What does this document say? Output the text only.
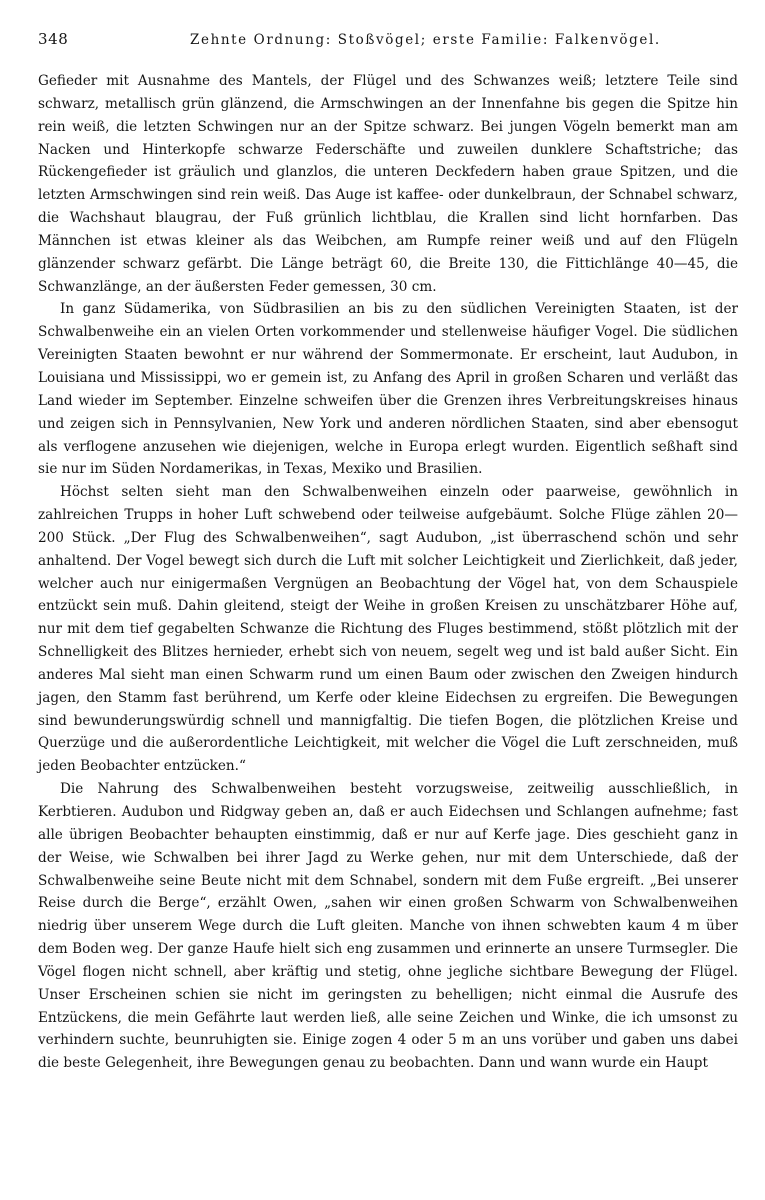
348	Zehnte Ordnung: Stoßvögel; erste Familie: Falkenvögel.

Gefieder mit Ausnahme des Mantels, der Flügel und des Schwanzes weiß; letztere Teile sind schwarz, metallisch grün glänzend, die Armschwingen an der Innenfahne bis gegen die Spitze hin rein weiß, die letzten Schwingen nur an der Spitze schwarz. Bei jungen Vögeln bemerkt man am Nacken und Hinterkopfe schwarze Federschäfte und zuweilen dunklere Schaftstriche; das Rückengefieder ist gräulich und glanzlos, die unteren Deckfedern haben graue Spitzen, und die letzten Armschwingen sind rein weiß. Das Auge ist kaffee- oder dunkelbraun, der Schnabel schwarz, die Wachshaut blaugrau, der Fuß grünlich lichtblau, die Krallen sind licht hornfarben. Das Männchen ist etwas kleiner als das Weibchen, am Rumpfe reiner weiß und auf den Flügeln glänzender schwarz gefärbt. Die Länge beträgt 60, die Breite 130, die Fittichlänge 40—45, die Schwanzlänge, an der äußersten Feder gemessen, 30 cm.

In ganz Südamerika, von Südbrasilien an bis zu den südlichen Vereinigten Staaten, ist der Schwalbenweihe ein an vielen Orten vorkommender und stellenweise häufiger Vogel. Die südlichen Vereinigten Staaten bewohnt er nur während der Sommermonate. Er erscheint, laut Audubon, in Louisiana und Mississippi, wo er gemein ist, zu Anfang des April in großen Scharen und verläßt das Land wieder im September. Einzelne schweifen über die Grenzen ihres Verbreitungskreises hinaus und zeigen sich in Pennsylvanien, New York und anderen nördlichen Staaten, sind aber ebensogut als verflogene anzusehen wie diejenigen, welche in Europa erlegt wurden. Eigentlich seßhaft sind sie nur im Süden Nordamerikas, in Texas, Mexiko und Brasilien.

Höchst selten sieht man den Schwalbenweihen einzeln oder paarweise, gewöhnlich in zahlreichen Trupps in hoher Luft schwebend oder teilweise aufgebäumt. Solche Flüge zählen 20—200 Stück. „Der Flug des Schwalbenweihen“, sagt Audubon, „ist überraschend schön und sehr anhaltend. Der Vogel bewegt sich durch die Luft mit solcher Leichtigkeit und Zierlichkeit, daß jeder, welcher auch nur einigermaßen Vergnügen an Beobachtung der Vögel hat, von dem Schauspiele entzückt sein muß. Dahin gleitend, steigt der Weihe in großen Kreisen zu unschätzbarer Höhe auf, nur mit dem tief gegabelten Schwanze die Richtung des Fluges bestimmend, stößt plötzlich mit der Schnelligkeit des Blitzes hernieder, erhebt sich von neuem, segelt weg und ist bald außer Sicht. Ein anderes Mal sieht man einen Schwarm rund um einen Baum oder zwischen den Zweigen hindurch jagen, den Stamm fast berührend, um Kerfe oder kleine Eidechsen zu ergreifen. Die Bewegungen sind bewunderungswürdig schnell und mannigfaltig. Die tiefen Bogen, die plötzlichen Kreise und Querzüge und die außerordentliche Leichtigkeit, mit welcher die Vögel die Luft zerschneiden, muß jeden Beobachter entzücken.“

Die Nahrung des Schwalbenweihen besteht vorzugsweise, zeitweilig ausschließlich, in Kerbtieren. Audubon und Ridgway geben an, daß er auch Eidechsen und Schlangen aufnehme; fast alle übrigen Beobachter behaupten einstimmig, daß er nur auf Kerfe jage. Dies geschieht ganz in der Weise, wie Schwalben bei ihrer Jagd zu Werke gehen, nur mit dem Unterschiede, daß der Schwalbenweihe seine Beute nicht mit dem Schnabel, sondern mit dem Fuße ergreift. „Bei unserer Reise durch die Berge“, erzählt Owen, „sahen wir einen großen Schwarm von Schwalbenweihen niedrig über unserem Wege durch die Luft gleiten. Manche von ihnen schwebten kaum 4 m über dem Boden weg. Der ganze Haufe hielt sich eng zusammen und erinnerte an unsere Turmsegler. Die Vögel flogen nicht schnell, aber kräftig und stetig, ohne jegliche sichtbare Bewegung der Flügel. Unser Erscheinen schien sie nicht im geringsten zu behelligen; nicht einmal die Ausrufe des Entzückens, die mein Gefährte laut werden ließ, alle seine Zeichen und Winke, die ich umsonst zu verhindern suchte, beunruhigten sie. Einige zogen 4 oder 5 m an uns vorüber und gaben uns dabei die beste Gelegenheit, ihre Bewegungen genau zu beobachten. Dann und wann wurde ein Haupt
